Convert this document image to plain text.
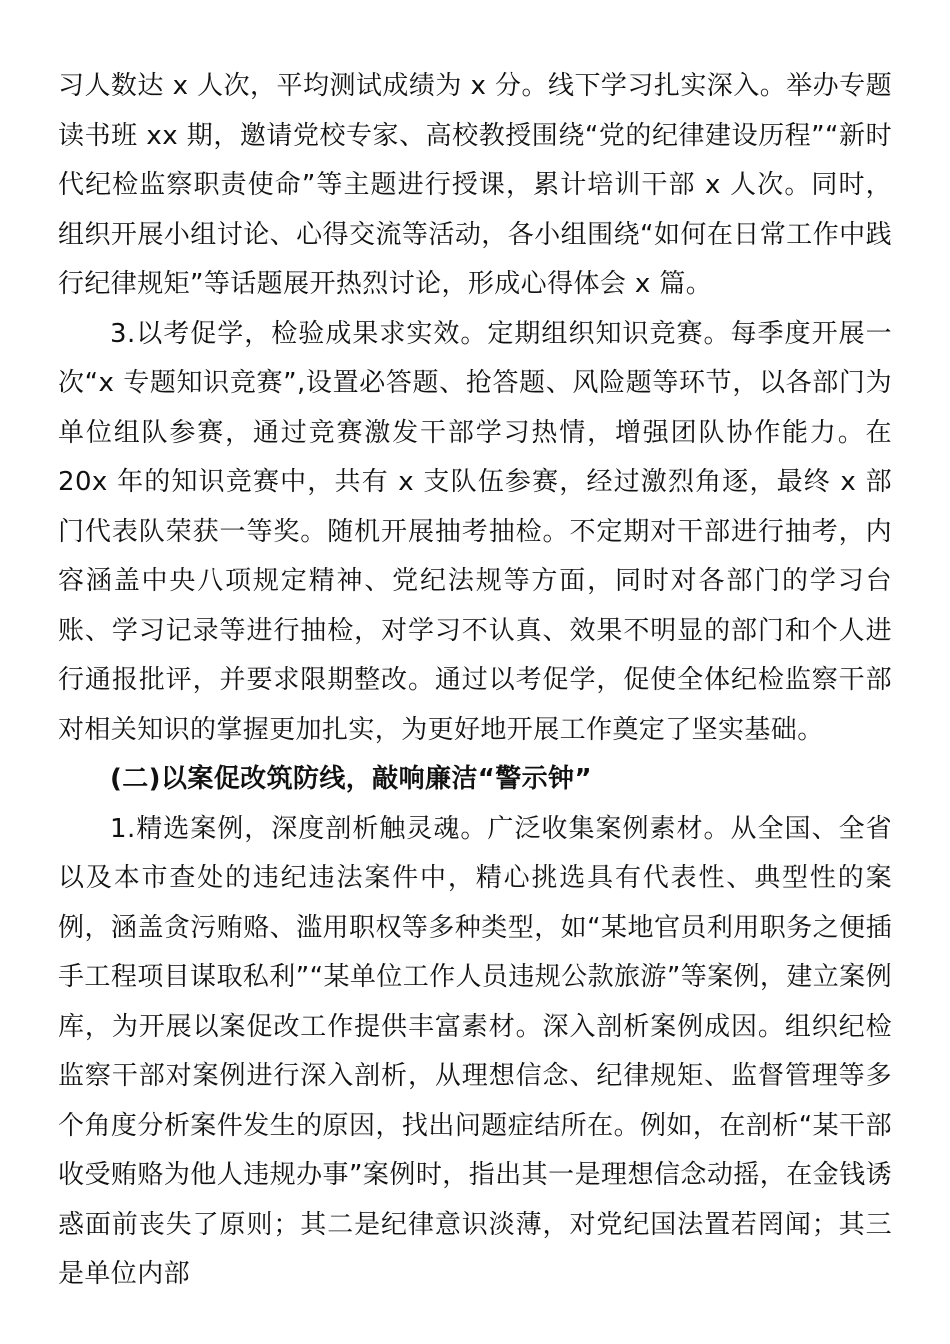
习人数达 x 人次，平均测试成绩为 x 分。线下学习扎实深入。举办专题读书班 xx 期，邀请党校专家、高校教授围绕“党的纪律建设历程”“新时代纪检监察职责使命”等主题进行授课，累计培训干部 x 人次。同时，组织开展小组讨论、心得交流等活动，各小组围绕“如何在日常工作中践行纪律规矩”等话题展开热烈讨论，形成心得体会 x 篇。

3.以考促学，检验成果求实效。定期组织知识竞赛。每季度开展一次“x 专题知识竞赛”,设置必答题、抢答题、风险题等环节，以各部门为单位组队参赛，通过竞赛激发干部学习热情，增强团队协作能力。在 20x 年的知识竞赛中，共有 x 支队伍参赛，经过激烈角逐，最终 x 部门代表队荣获一等奖。随机开展抽考抽检。不定期对干部进行抽考，内容涵盖中央八项规定精神、党纪法规等方面，同时对各部门的学习台账、学习记录等进行抽检，对学习不认真、效果不明显的部门和个人进行通报批评，并要求限期整改。通过以考促学，促使全体纪检监察干部对相关知识的掌握更加扎实，为更好地开展工作奠定了坚实基础。

(二)以案促改筑防线，敲响廉洁“警示钟”

1.精选案例，深度剖析触灵魂。广泛收集案例素材。从全国、全省以及本市查处的违纪违法案件中，精心挑选具有代表性、典型性的案例，涵盖贪污贿赂、滥用职权等多种类型，如“某地官员利用职务之便插手工程项目谋取私利”“某单位工作人员违规公款旅游”等案例，建立案例库，为开展以案促改工作提供丰富素材。深入剖析案例成因。组织纪检监察干部对案例进行深入剖析，从理想信念、纪律规矩、监督管理等多个角度分析案件发生的原因，找出问题症结所在。例如，在剖析“某干部收受贿赂为他人违规办事”案例时，指出其一是理想信念动摇，在金钱诱惑面前丧失了原则；其二是纪律意识淡薄，对党纪国法置若罔闻；其三是单位内部
